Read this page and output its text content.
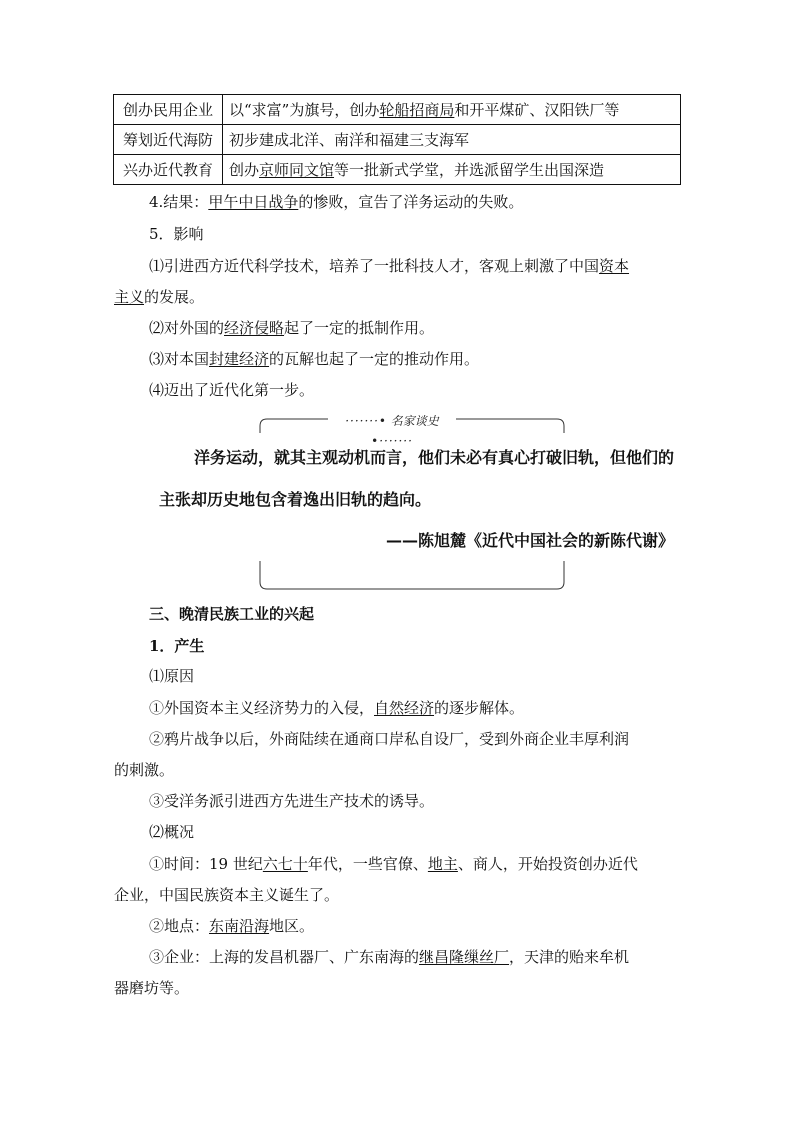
创办民用企业	以“求富”为旗号，创办轮船招商局和开平煤矿、汉阳铁厂等
筹划近代海防	初步建成北洋、南洋和福建三支海军
兴办近代教育	创办京师同文馆等一批新式学堂，并选派留学生出国深造
4.结果：甲午中日战争的惨败，宣告了洋务运动的失败。
5．影响
⑴引进西方近代科学技术，培养了一批科技人才，客观上刺激了中国资本
主义的发展。
⑵对外国的经济侵略起了一定的抵制作用。
⑶对本国封建经济的瓦解也起了一定的推动作用。
⑷迈出了近代化第一步。
·······• 名家谈史 •·······
洋务运动，就其主观动机而言，他们未必有真心打破旧轨，但他们的
主张却历史地包含着逸出旧轨的趋向。
——陈旭麓《近代中国社会的新陈代谢》
三、晚清民族工业的兴起
1．产生
⑴原因
①外国资本主义经济势力的入侵，自然经济的逐步解体。
②鸦片战争以后，外商陆续在通商口岸私自设厂，受到外商企业丰厚利润
的刺激。
③受洋务派引进西方先进生产技术的诱导。
⑵概况
①时间：19 世纪六七十年代，一些官僚、地主、商人，开始投资创办近代
企业，中国民族资本主义诞生了。
②地点：东南沿海地区。
③企业：上海的发昌机器厂、广东南海的继昌隆缫丝厂，天津的贻来牟机
器磨坊等。
